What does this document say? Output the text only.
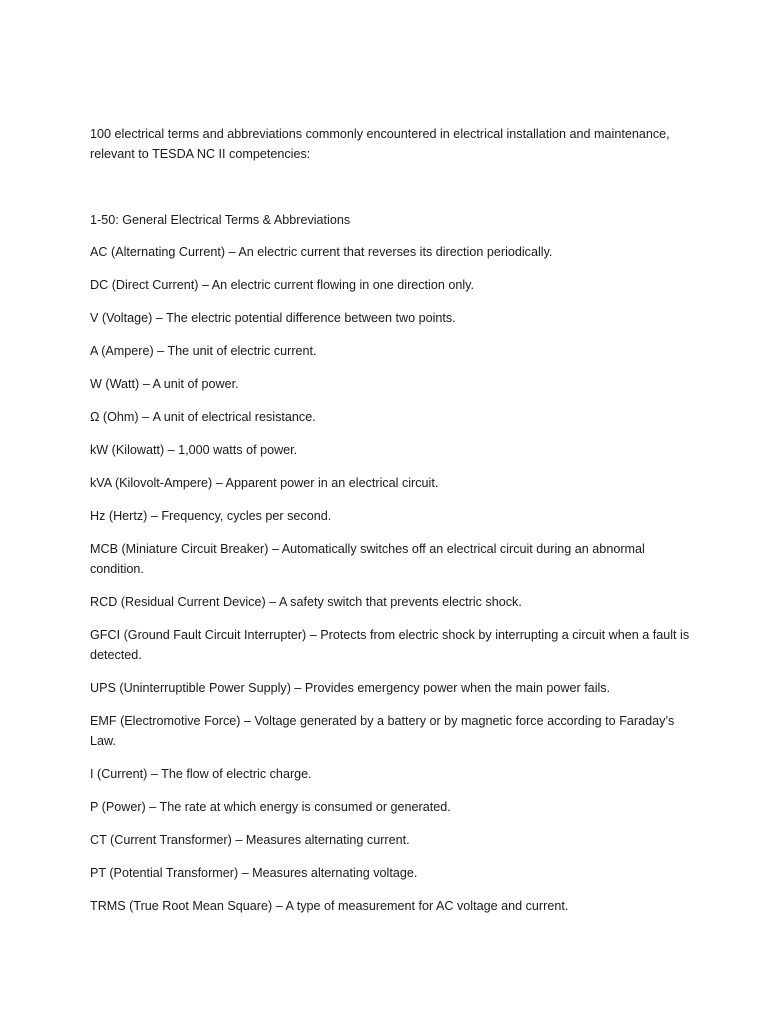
100 electrical terms and abbreviations commonly encountered in electrical installation and maintenance, relevant to TESDA NC II competencies:

1-50: General Electrical Terms & Abbreviations

AC (Alternating Current) – An electric current that reverses its direction periodically.

DC (Direct Current) – An electric current flowing in one direction only.

V (Voltage) – The electric potential difference between two points.

A (Ampere) – The unit of electric current.

W (Watt) – A unit of power.

Ω (Ohm) – A unit of electrical resistance.

kW (Kilowatt) – 1,000 watts of power.

kVA (Kilovolt-Ampere) – Apparent power in an electrical circuit.

Hz (Hertz) – Frequency, cycles per second.

MCB (Miniature Circuit Breaker) – Automatically switches off an electrical circuit during an abnormal condition.

RCD (Residual Current Device) – A safety switch that prevents electric shock.

GFCI (Ground Fault Circuit Interrupter) – Protects from electric shock by interrupting a circuit when a fault is detected.

UPS (Uninterruptible Power Supply) – Provides emergency power when the main power fails.

EMF (Electromotive Force) – Voltage generated by a battery or by magnetic force according to Faraday’s Law.

I (Current) – The flow of electric charge.

P (Power) – The rate at which energy is consumed or generated.

CT (Current Transformer) – Measures alternating current.

PT (Potential Transformer) – Measures alternating voltage.

TRMS (True Root Mean Square) – A type of measurement for AC voltage and current.
